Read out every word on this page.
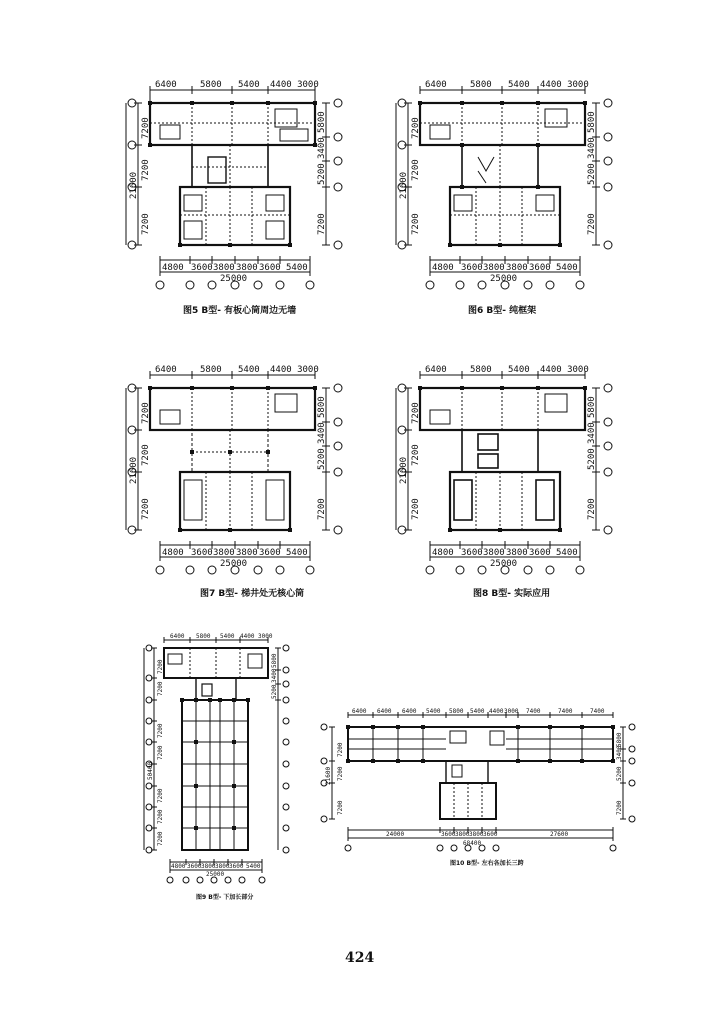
6400	5800 5400 4400 3000
4800 3600 3800 3800 3600 5400
25000
7200
7200
7200
21600
5800
3400
5200
7200
图5 B型- 有板心筒周边无墙
6400	5800 5400 4400 3000
4800 3600 3800 3800 3600 5400
25000
7200
7200
7200
21600
5800
3400
5200
7200
图6 B型- 纯框架
6400	5800 5400 4400 3000
4800 3600 3800 3800 3600 5400
25000
7200
7200
7200
21600
5800
3400
5200
7200
图7 B型- 梯井处无核心筒
6400	5800 5400 4400 3000
4800 3600 3800 3800 3600 5400
25000
7200
7200
7200
21600
5800
3400
5200
7200
图8 B型- 实际应用
6400 5800 5400 4400 3000
4800 3600 3800 3800 3600 5400
25000
7200
7200
7200
7200
7200
7200
7200
50400
5800
3400
5200
图9 B型- 下加长部分
6400 6400 6400 5400 5800 5400 4400 3000 7400	7400	7400
24000	3600 3800 3800 3600	27600
68400
7200
7200
7200
21600
5800
3400
5200
7200
图10 B型- 左右各加长三跨
424
